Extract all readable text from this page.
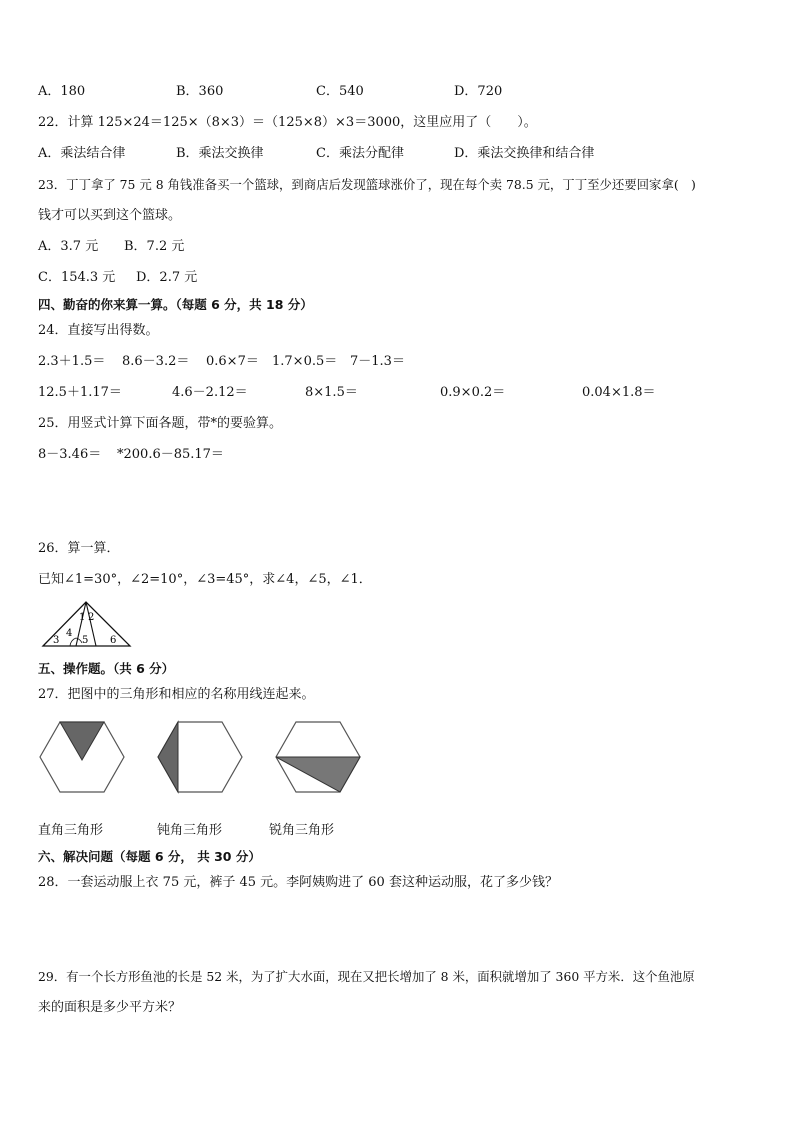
A．180	B．360	C．540	D．720
22．计算 125×24＝125×（8×3）＝（125×8）×3＝3000，这里应用了（　　）。
A．乘法结合律	B．乘法交换律	C．乘法分配律	D．乘法交换律和结合律
23．丁丁拿了 75 元 8 角钱准备买一个篮球，到商店后发现篮球涨价了，现在每个卖 78.5 元，丁丁至少还要回家拿(　)
钱才可以买到这个篮球。
A．3.7 元 B．7.2 元
C．154.3 元 D．2.7 元
四、勤奋的你来算一算。（每题 6 分，共 18 分）
24．直接写出得数。
2.3＋1.5＝ 8.6－3.2＝ 0.6×7＝ 1.7×0.5＝ 7－1.3＝
12.5＋1.17＝	4.6－2.12＝	8×1.5＝	0.9×0.2＝	0.04×1.8＝
25．用竖式计算下面各题，带*的要验算。
8－3.46＝ *200.6－85.17＝
26．算一算．
已知∠1=30°，∠2=10°，∠3=45°，求∠4，∠5，∠1．
1 2
3
4
5 6
五、操作题。（共 6 分）
27．把图中的三角形和相应的名称用线连起来。
直角三角形	钝角三角形	锐角三角形
六、解决问题（每题 6 分， 共 30 分）
28．一套运动服上衣 75 元，裤子 45 元。李阿姨购进了 60 套这种运动服，花了多少钱？
29．有一个长方形鱼池的长是 52 米，为了扩大水面，现在又把长增加了 8 米，面积就增加了 360 平方米．这个鱼池原
来的面积是多少平方米？
